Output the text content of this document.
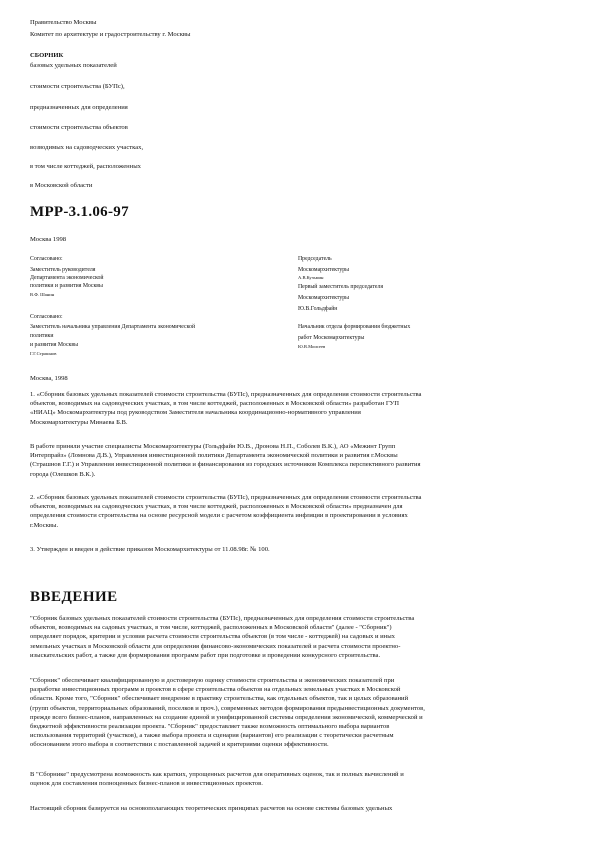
Правительство Москвы
Комитет по архитектуре и градостроительству г. Москвы
СБОРНИК
базовых удельных показателей
стоимости строительства (БУПс),
предназначенных для определения
стоимости строительства объектов
возводимых на садоводческих участках,
в том числе коттеджей, расположенных
в Московской области
МРР-3.1.06-97
Москва 1998
Согласовано:
Заместитель руководителя
Департамента экономической
политики и развития Москвы
В.Ф. Шанин
Председатель
Москомархитектуры
А.В.Кузьмин
Первый заместитель председателя
Москомархитектуры
Ю.В.Гольдфайн
Согласовано:
Заместитель начальника управления Департамента экономической
политики
и развития Москвы
Г.Г.Страшнов
Начальник отдела формирования бюджетных
работ Москомархитектуры
Ю.В.Моисеев
Москва, 1998
1. «Сборник базовых удельных показателей стоимости строительства (БУПс), предназначенных для определения стоимости строительства
объектов, возводимых на садоводческих участках, в том числе коттеджей, расположенных в Московской области» разработан ГУП
«НИАЦ» Москомархитектуры под руководством Заместителя начальника координационно-нормативного управления
Москомархитектуры Минаева Б.В.
В работе приняли участие специалисты Москомархитектуры (Гольдфайн Ю.В., Дронова Н.П., Соболев В.К.), АО «Межинт Групп
Интерпрайз» (Ломнова Д.В.), Управления инвестиционной политики Департамента экономической политики и развития г.Москвы
(Страшнов Г.Г.) и Управления инвестиционной политики и финансирования из городских источников Комплекса перспективного развития
города (Олешков В.К.).
2. «Сборник базовых удельных показателей стоимости строительства (БУПс), предназначенных для определения стоимости строительства
объектов, возводимых на садоводческих участках, в том числе коттеджей, расположенных в Московской области» предназначен для
определения стоимости строительства на основе ресурсной модели с расчетом коэффициента инфляции в проектировании в условиях
г.Москвы.
3. Утвержден и введен в действие приказом Москомархитектуры от 11.08.98г. № 100.
ВВЕДЕНИЕ
"Сборник базовых удельных показателей стоимости строительства (БУПс), предназначенных для определения стоимости строительства
объектов, возводимых на садовых участках, в том числе, коттеджей, расположенных в Московской области" (далее - "Сборник")
определяет порядок, критерии и условия расчета стоимости строительства объектов (в том числе - коттеджей) на садовых и иных
земельных участках в Московской области для определения финансово-экономических показателей и расчета стоимости проектно-
изыскательских работ, а также для формирования программ работ при подготовке и проведении конкурсного строительства.
"Сборник" обеспечивает квалифицированную и достоверную оценку стоимости строительства и экономических показателей при
разработке инвестиционных программ и проектов в сфере строительства объектов на отдельных земельных участках в Московской
области. Кроме того, "Сборник" обеспечивает внедрение в практику строительства, как отдельных объектов, так и целых образований
(групп объектов, территориальных образований, поселков и проч.), современных методов формирования предынвестиционных документов,
прежде всего бизнес-планов, направленных на создание единой и унифицированной системы определения экономической, коммерческой и
бюджетной эффективности реализации проекта. "Сборник" предоставляет также возможность оптимального выбора вариантов
использования территорий (участков), а также выбора проекта и сценария (вариантов) его реализации с теоретически расчетным
обоснованием этого выбора в соответствии с поставленной задачей и критериями оценки эффективности.
В "Сборнике" предусмотрена возможность как кратких, упрощенных расчетов для оперативных оценок, так и полных вычислений и
оценок для составления полноценных бизнес-планов и инвестиционных проектов.
Настоящий сборник базируется на основополагающих теоретических принципах расчетов на основе системы базовых удельных
